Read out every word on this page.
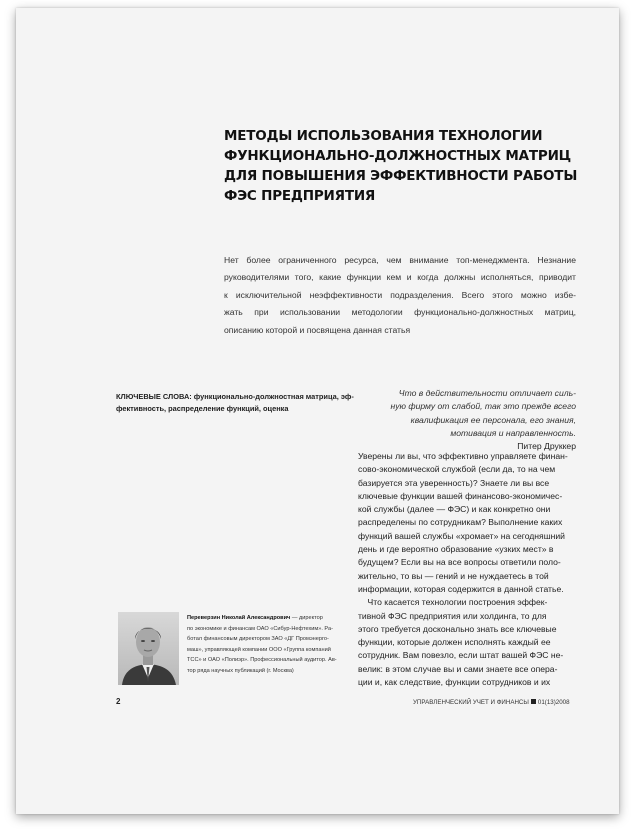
МЕТОДЫ ИСПОЛЬЗОВАНИЯ ТЕХНОЛОГИИ
ФУНКЦИОНАЛЬНО-ДОЛЖНОСТНЫХ МАТРИЦ
ДЛЯ ПОВЫШЕНИЯ ЭФФЕКТИВНОСТИ РАБОТЫ
ФЭС ПРЕДПРИЯТИЯ
Нет более ограниченного ресурса, чем внимание топ-менеджмента. Незнание
руководителями того, какие функции кем и когда должны исполняться, приводит
к исключительной неэффективности подразделения. Всего этого можно избе-
жать при использовании методологии функционально-должностных матриц,
описанию которой и посвящена данная статья
КЛЮЧЕВЫЕ СЛОВА: функционально-должностная матрица, эф-
фективность, распределение функций, оценка
Что в действительности отличает силь-
ную фирму от слабой, так это прежде всего
квалификация ее персонала, его знания,
мотивация и направленность.
Питер Друккер
Уверены ли вы, что эффективно управляете финан-
сово-экономической службой (если да, то на чем
базируется эта уверенность)? Знаете ли вы все
ключевые функции вашей финансово-экономичес-
кой службы (далее — ФЭС) и как конкретно они
распределены по сотрудникам? Выполнение каких
функций вашей службы «хромает» на сегодняшний
день и где вероятно образование «узких мест» в
будущем? Если вы на все вопросы ответили поло-
жительно, то вы — гений и не нуждаетесь в той
информации, которая содержится в данной статье.
Что касается технологии построения эффек-
тивной ФЭС предприятия или холдинга, то для
этого требуется досконально знать все ключевые
функции, которые должен исполнять каждый ее
сотрудник. Вам повезло, если штат вашей ФЭС не-
велик: в этом случае вы и сами знаете все опера-
ции и, как следствие, функции сотрудников и их
Переверзин Николай Александрович — директор
по экономике и финансам ОАО «Сибур-Нефтехим». Ра-
ботал финансовым директором ЗАО «ДГ Промэнерго-
маш», управляющей компании ООО «Группа компаний
ТСС» и ОАО «Полиэр». Профессиональный аудитор. Ав-
тор ряда научных публикаций (г. Москва)
2	УПРАВЛЕНЧЕСКИЙ УЧЕТ И ФИНАНСЫ 01(13)2008
